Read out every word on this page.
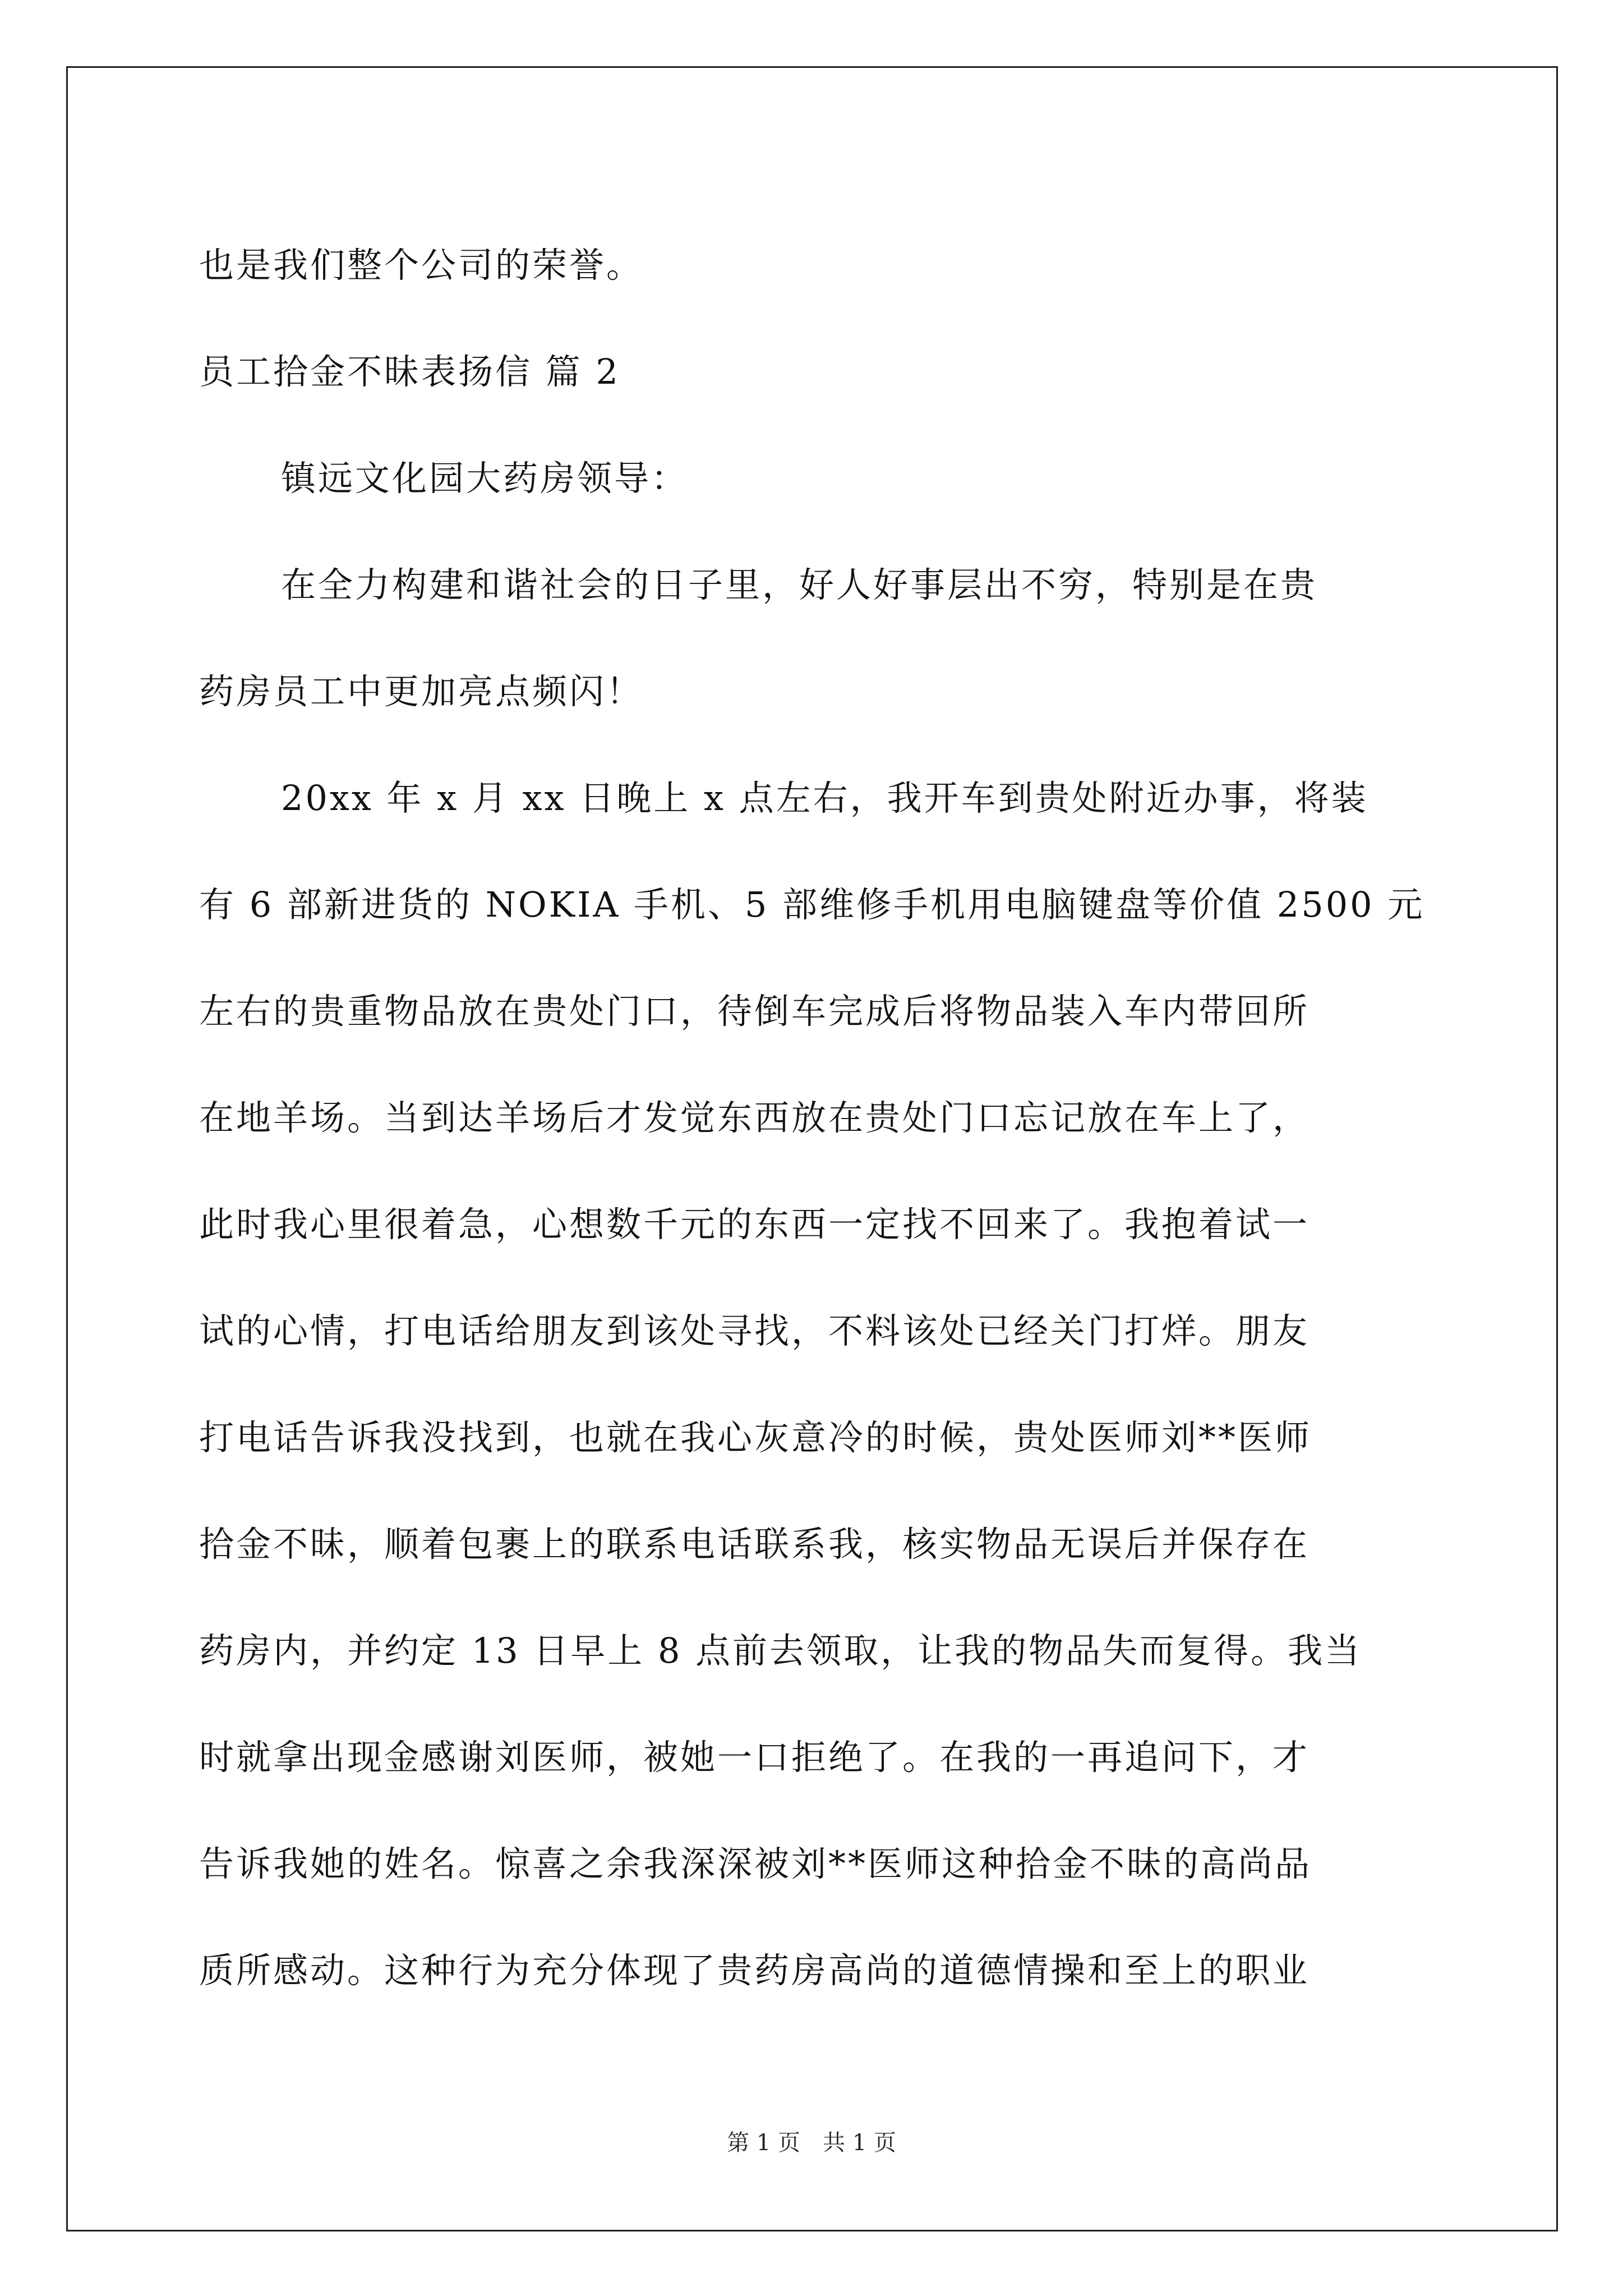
也是我们整个公司的荣誉。
员工拾金不昧表扬信 篇 2
镇远文化园大药房领导：
在全力构建和谐社会的日子里，好人好事层出不穷，特别是在贵
药房员工中更加亮点频闪！
20xx 年 x 月 xx 日晚上 x 点左右，我开车到贵处附近办事，将装
有 6 部新进货的 NOKIA 手机、5 部维修手机用电脑键盘等价值 2500 元
左右的贵重物品放在贵处门口，待倒车完成后将物品装入车内带回所
在地羊场。当到达羊场后才发觉东西放在贵处门口忘记放在车上了，
此时我心里很着急，心想数千元的东西一定找不回来了。我抱着试一
试的心情，打电话给朋友到该处寻找，不料该处已经关门打烊。朋友
打电话告诉我没找到，也就在我心灰意冷的时候，贵处医师刘**医师
拾金不昧，顺着包裹上的联系电话联系我，核实物品无误后并保存在
药房内，并约定 13 日早上 8 点前去领取，让我的物品失而复得。我当
时就拿出现金感谢刘医师，被她一口拒绝了。在我的一再追问下，才
告诉我她的姓名。惊喜之余我深深被刘**医师这种拾金不昧的高尚品
质所感动。这种行为充分体现了贵药房高尚的道德情操和至上的职业
第 1 页　共 1 页
